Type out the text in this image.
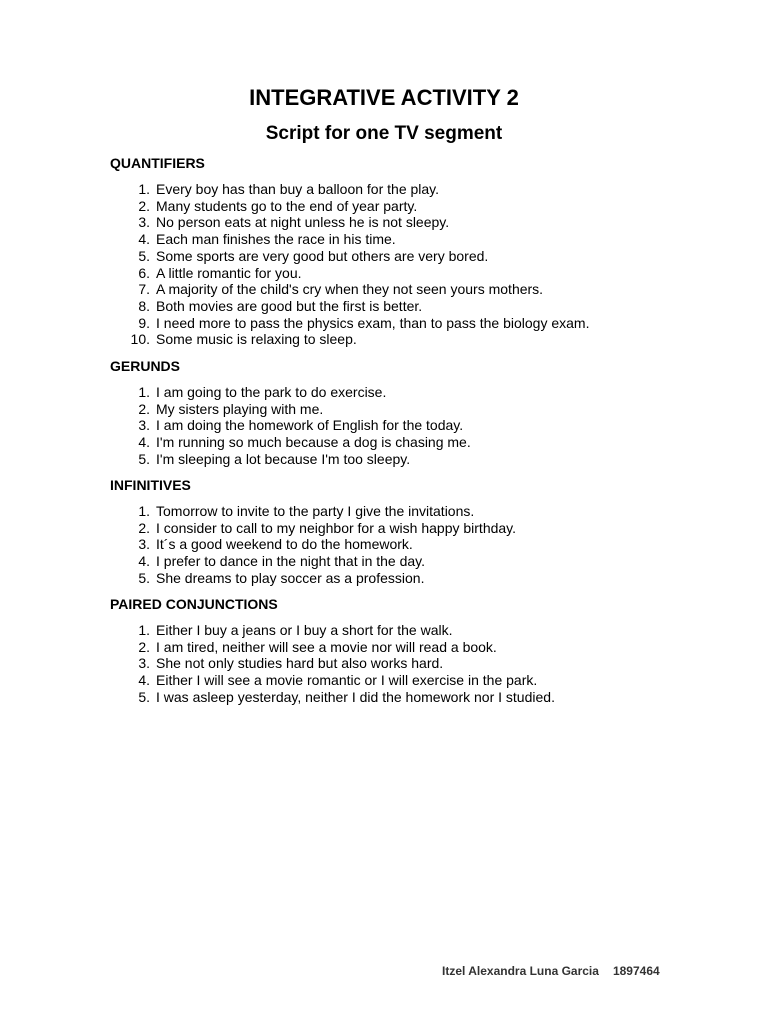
INTEGRATIVE ACTIVITY 2
Script for one TV segment
QUANTIFIERS
1. Every boy has than buy a balloon for the play.
2. Many students go to the end of year party.
3. No person eats at night unless he is not sleepy.
4. Each man finishes the race in his time.
5. Some sports are very good but others are very bored.
6. A little romantic for you.
7. A majority of the child's cry when they not seen yours mothers.
8. Both movies are good but the first is better.
9. I need more to pass the physics exam, than to pass the biology exam.
10. Some music is relaxing to sleep.
GERUNDS
1. I am going to the park to do exercise.
2. My sisters playing with me.
3. I am doing the homework of English for the today.
4. I'm running so much because a dog is chasing me.
5. I'm sleeping a lot because I'm too sleepy.
INFINITIVES
1. Tomorrow to invite to the party I give the invitations.
2. I consider to call to my neighbor for a wish happy birthday.
3. It´s a good weekend to do the homework.
4. I prefer to dance in the night that in the day.
5. She dreams to play soccer as a profession.
PAIRED CONJUNCTIONS
1. Either I buy a jeans or I buy a short for the walk.
2. I am tired, neither will see a movie nor will read a book.
3. She not only studies hard but also works hard.
4. Either I will see a movie romantic or I will exercise in the park.
5. I was asleep yesterday, neither I did the homework nor I studied.
Itzel Alexandra Luna Garcia 1897464
